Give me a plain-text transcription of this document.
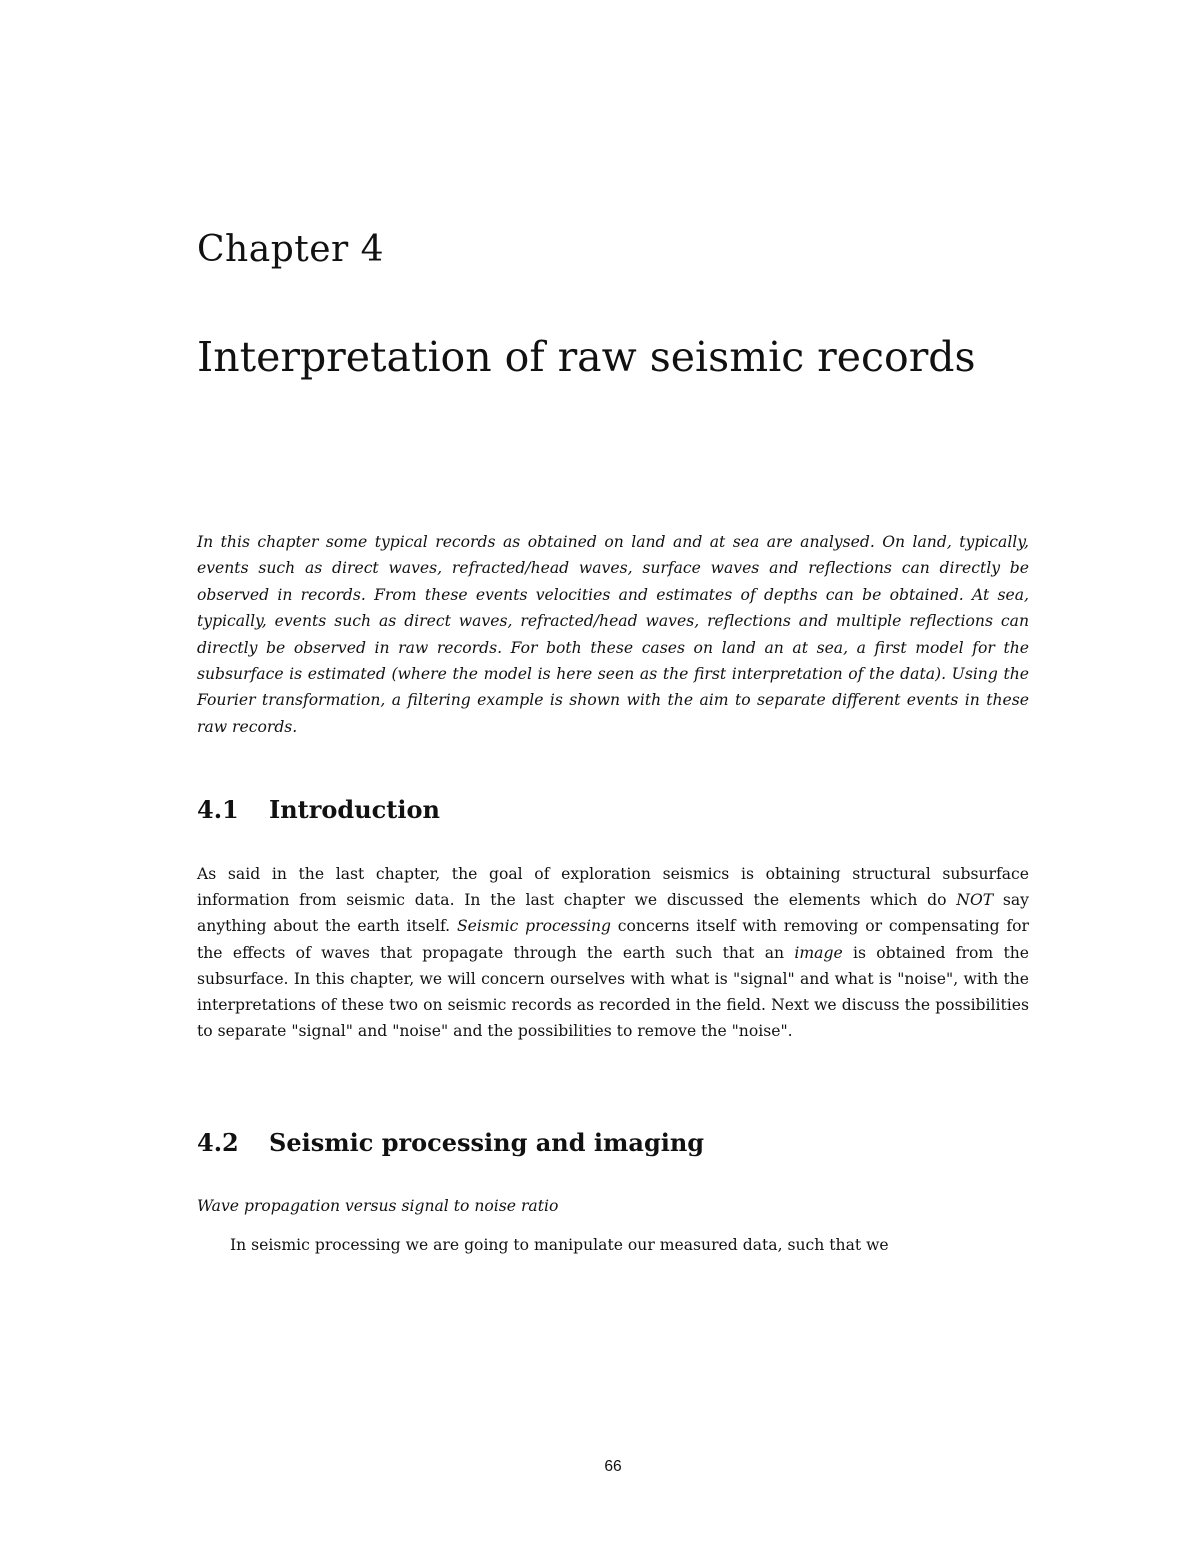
Chapter 4
Interpretation of raw seismic records

In this chapter some typical records as obtained on land and at sea are analysed. On land, typically, events such as direct waves, refracted/head waves, surface waves and reflections can directly be observed in records. From these events velocities and estimates of depths can be obtained. At sea, typically, events such as direct waves, refracted/head waves, reflections and multiple reflections can directly be observed in raw records. For both these cases on land an at sea, a first model for the subsurface is estimated (where the model is here seen as the first interpretation of the data). Using the Fourier transformation, a filtering example is shown with the aim to separate different events in these raw records.

4.1 Introduction

As said in the last chapter, the goal of exploration seismics is obtaining structural subsurface information from seismic data. In the last chapter we discussed the elements which do NOT say anything about the earth itself. Seismic processing concerns itself with removing or compensating for the effects of waves that propagate through the earth such that an image is obtained from the subsurface. In this chapter, we will concern ourselves with what is "signal" and what is "noise", with the interpretations of these two on seismic records as recorded in the field. Next we discuss the possibilities to separate "signal" and "noise" and the possibilities to remove the "noise".

4.2 Seismic processing and imaging

Wave propagation versus signal to noise ratio

In seismic processing we are going to manipulate our measured data, such that we

66
